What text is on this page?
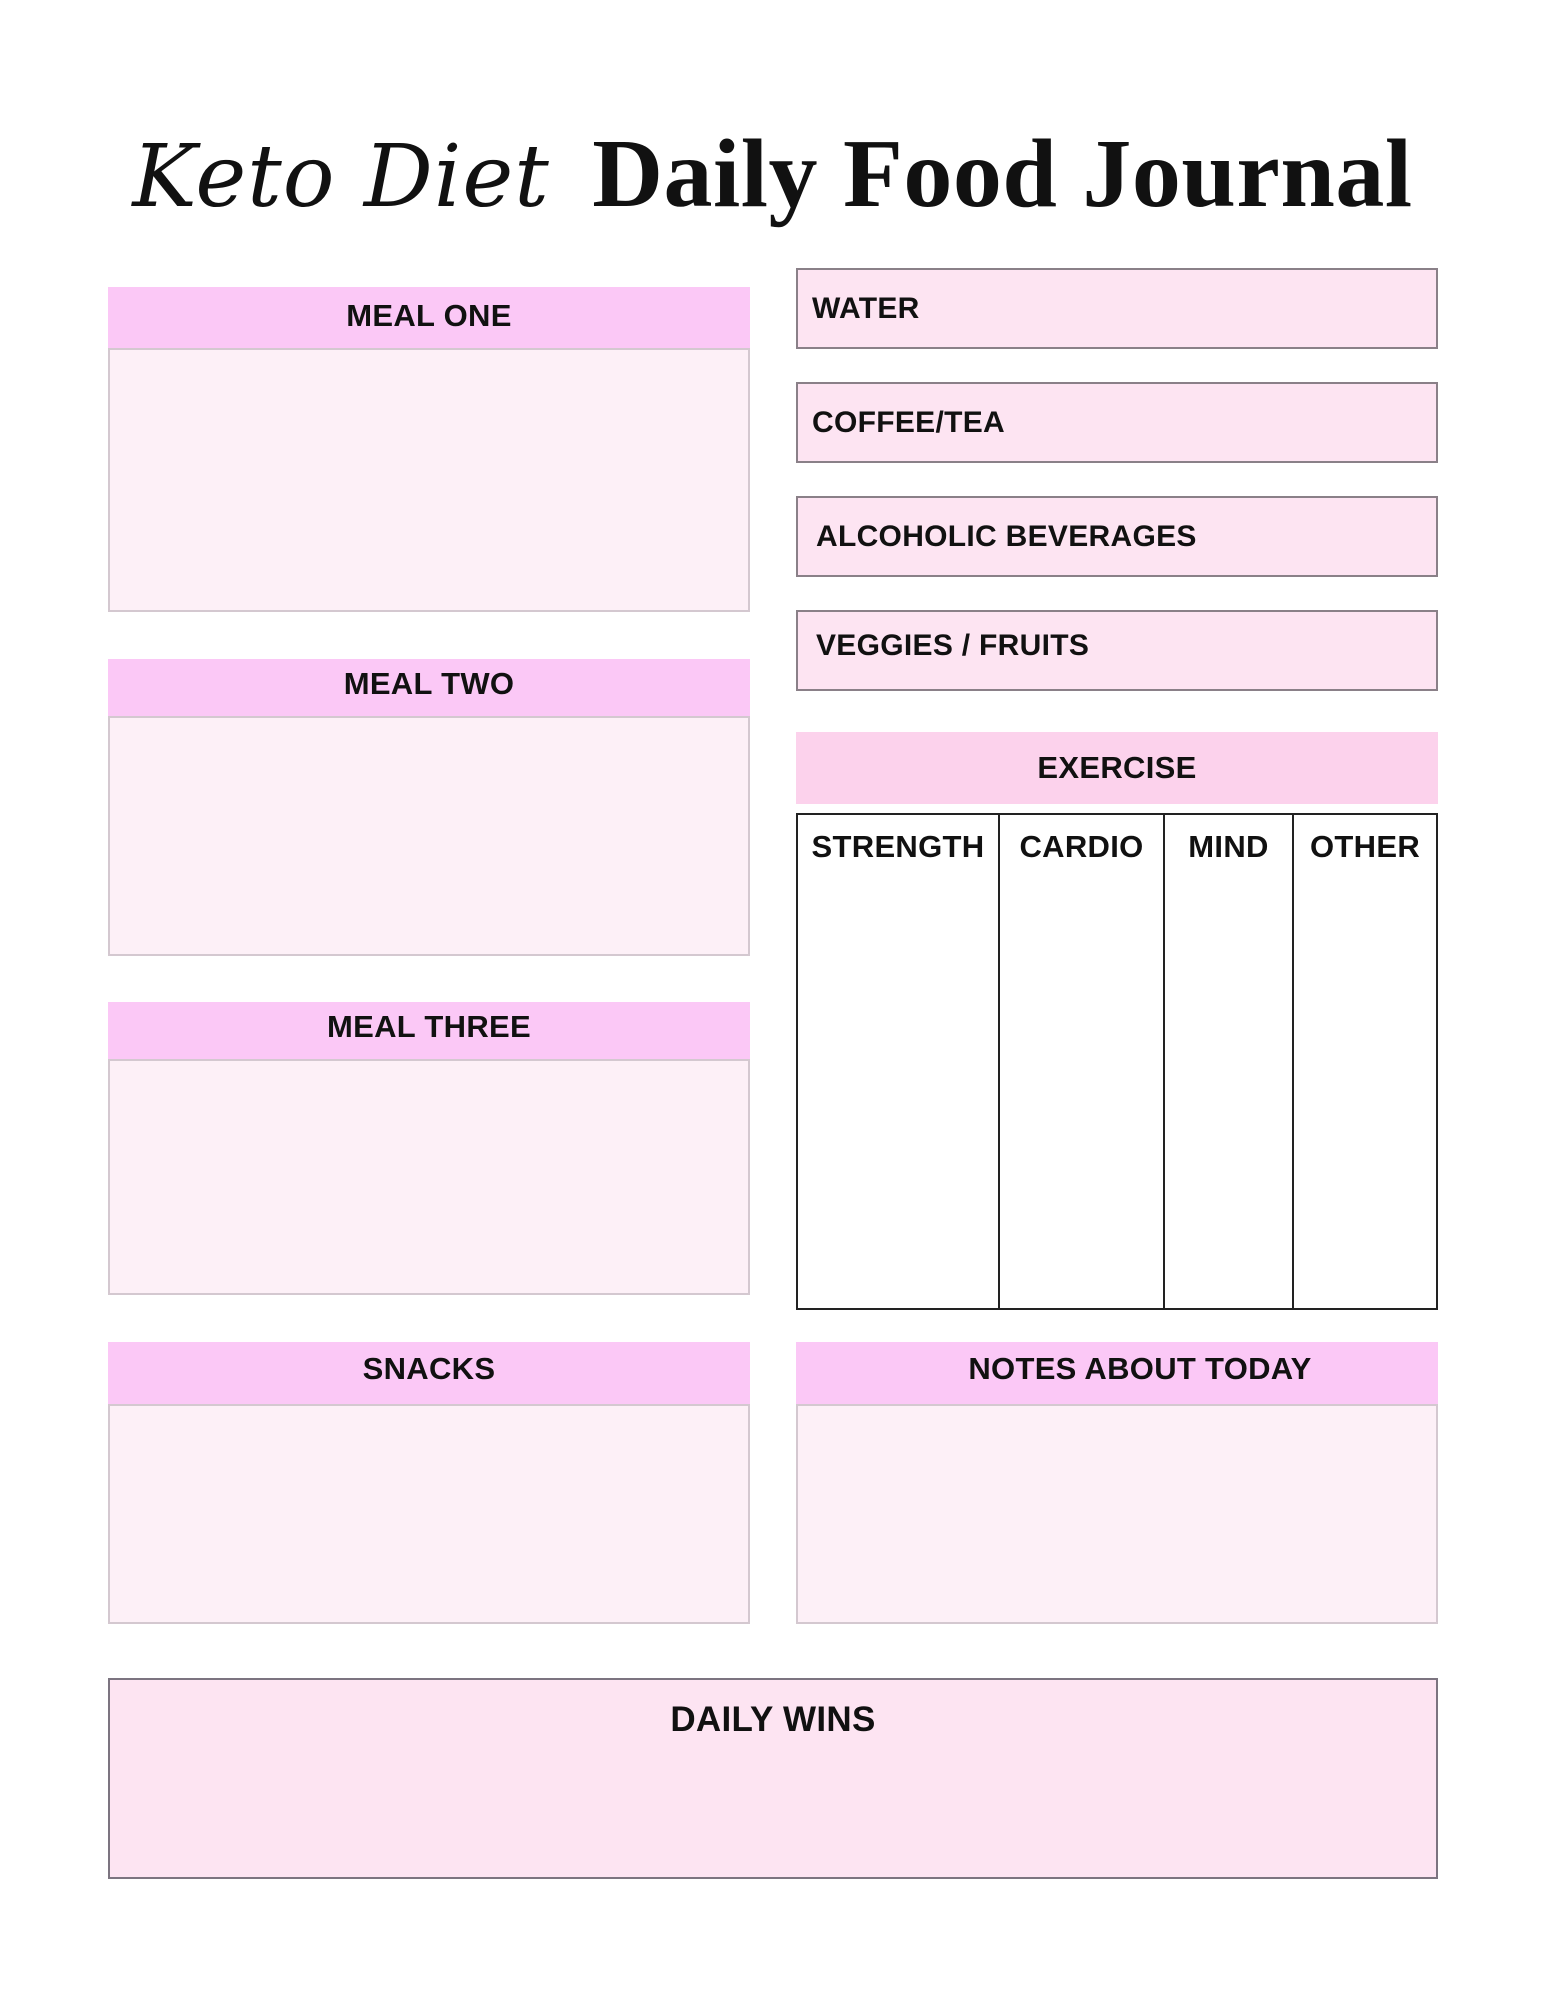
Keto Diet Daily Food Journal
MEAL ONE
MEAL TWO
MEAL THREE
SNACKS
WATER
COFFEE/TEA
ALCOHOLIC BEVERAGES
VEGGIES / FRUITS
EXERCISE
STRENGTH	CARDIO	MIND	OTHER
NOTES ABOUT TODAY
DAILY WINS
